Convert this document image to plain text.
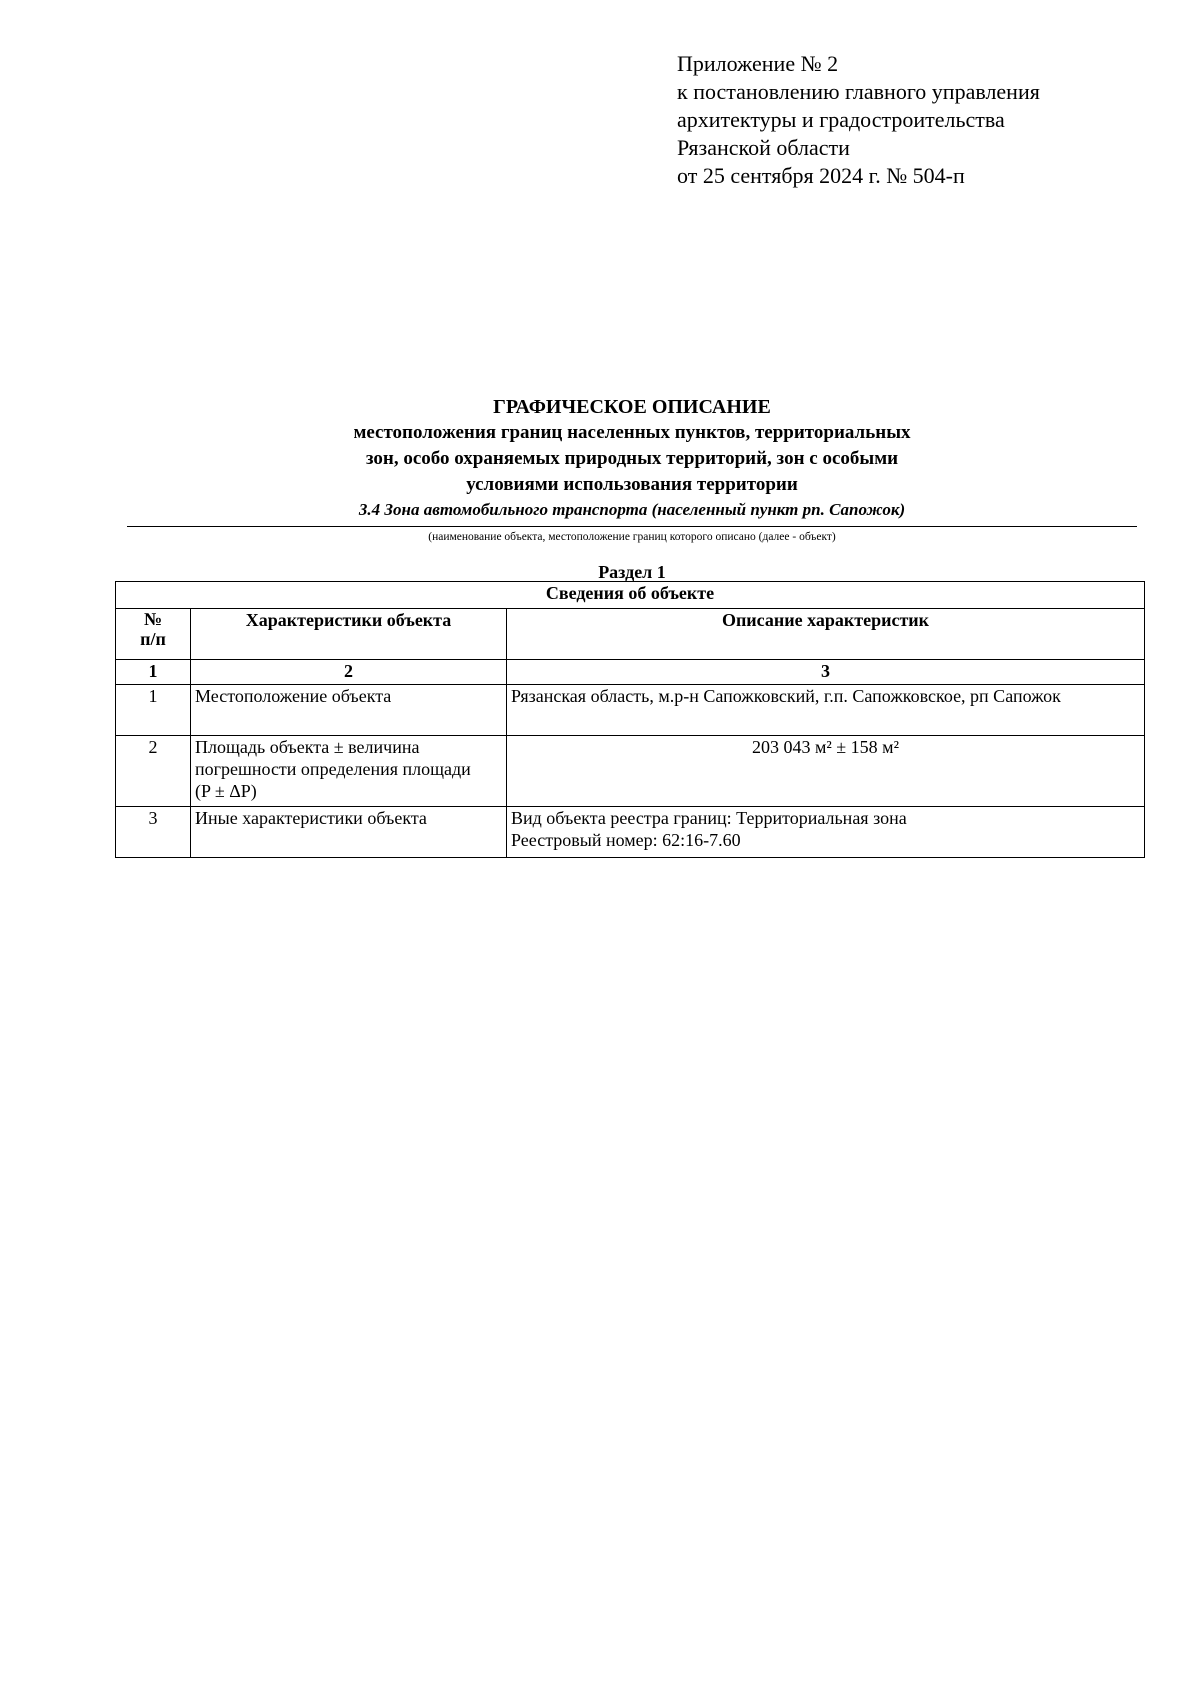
Приложение № 2
к постановлению главного управления
архитектуры и градостроительства
Рязанской области
от 25 сентября 2024 г. № 504-п
ГРАФИЧЕСКОЕ ОПИСАНИЕ
местоположения границ населенных пунктов, территориальных
зон, особо охраняемых природных территорий, зон с особыми
условиями использования территории
3.4 Зона автомобильного транспорта (населенный пункт рп. Сапожок)
(наименование объекта, местоположение границ которого описано (далее - объект)
Раздел 1
Сведения об объекте		

№
п/п	Характеристики объекта	Описание характеристик
1	2	3
1	Местоположение объекта	Рязанская область, м.р-н Сапожковский, г.п. Сапожковское, рп Сапожок
2	Площадь объекта ± величина
погрешности определения площади
(P ± ΔP)	203 043 м² ± 158 м²
3	Иные характеристики объекта	Вид объекта реестра границ: Территориальная зона
Реестровый номер: 62:16-7.60
